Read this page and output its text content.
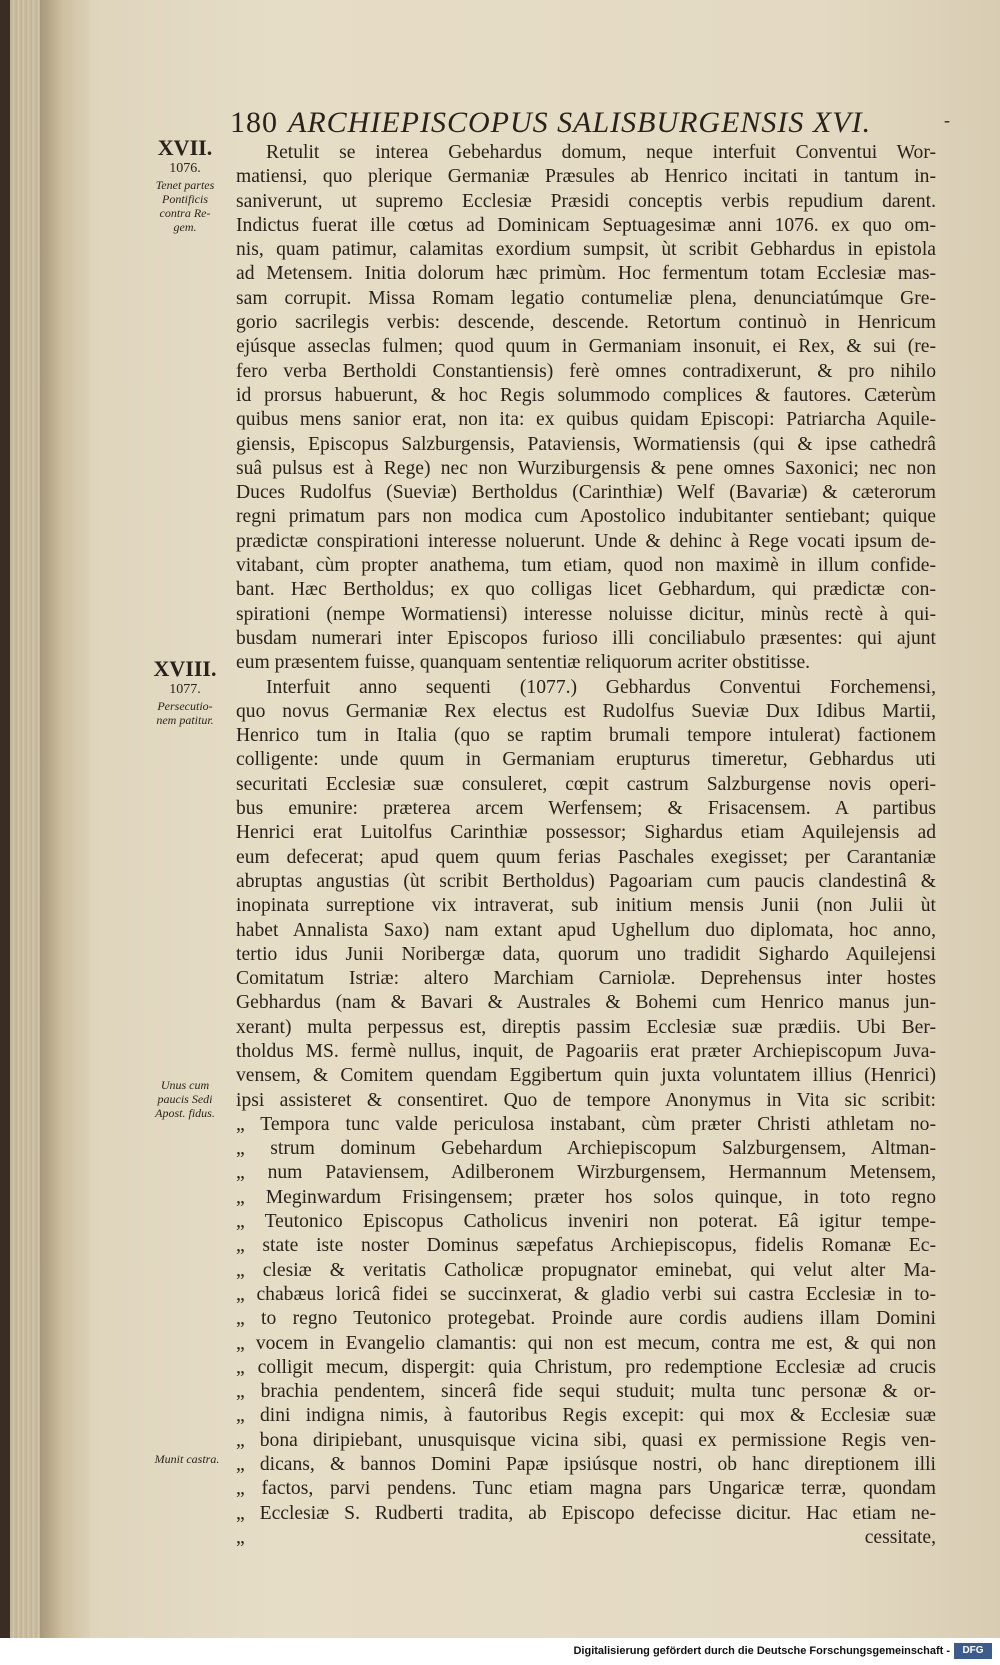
180 ARCHIEPISCOPUS SALISBURGENSIS XVI.	-
XVII.
1076.
Tenet partes
Pontificis
contra Re-
gem.
XVIII.
1077.
Persecutio-
nem patitur.
Unus cum
paucis Sedi
Apost. fidus.
Munit castra.
Retulit se interea Gebehardus domum, neque interfuit Conventui Wor-
matiensi, quo plerique Germaniæ Præsules ab Henrico incitati in tantum in-
saniverunt, ut supremo Ecclesiæ Præsidi conceptis verbis repudium darent.
Indictus fuerat ille cœtus ad Dominicam Septuagesimæ anni 1076. ex quo om-
nis, quam patimur, calamitas exordium sumpsit, ùt scribit Gebhardus in epistola
ad Metensem. Initia dolorum hæc primùm. Hoc fermentum totam Ecclesiæ mas-
sam corrupit. Missa Romam legatio contumeliæ plena, denunciatúmque Gre-
gorio sacrilegis verbis: descende, descende. Retortum continuò in Henricum
ejúsque asseclas fulmen; quod quum in Germaniam insonuit, ei Rex, & sui (re-
fero verba Bertholdi Constantiensis) ferè omnes contradixerunt, & pro nihilo
id prorsus habuerunt, & hoc Regis solummodo complices & fautores. Cæterùm
quibus mens sanior erat, non ita: ex quibus quidam Episcopi: Patriarcha Aquile-
giensis, Episcopus Salzburgensis, Pataviensis, Wormatiensis (qui & ipse cathedrâ
suâ pulsus est à Rege) nec non Wurziburgensis & pene omnes Saxonici; nec non
Duces Rudolfus (Sueviæ) Bertholdus (Carinthiæ) Welf (Bavariæ) & cæterorum
regni primatum pars non modica cum Apostolico indubitanter sentiebant; quique
prædictæ conspirationi interesse noluerunt. Unde & dehinc à Rege vocati ipsum de-
vitabant, cùm propter anathema, tum etiam, quod non maximè in illum confide-
bant. Hæc Bertholdus; ex quo colligas licet Gebhardum, qui prædictæ con-
spirationi (nempe Wormatiensi) interesse noluisse dicitur, minùs rectè à qui-
busdam numerari inter Episcopos furioso illi conciliabulo præsentes: qui ajunt
eum præsentem fuisse, quanquam sententiæ reliquorum acriter obstitisse.
Interfuit anno sequenti (1077.) Gebhardus Conventui Forchemensi,
quo novus Germaniæ Rex electus est Rudolfus Sueviæ Dux Idibus Martii,
Henrico tum in Italia (quo se raptim brumali tempore intulerat) factionem
colligente: unde quum in Germaniam erupturus timeretur, Gebhardus uti
securitati Ecclesiæ suæ consuleret, cœpit castrum Salzburgense novis operi-
bus emunire: præterea arcem Werfensem; & Frisacensem. A partibus
Henrici erat Luitolfus Carinthiæ possessor; Sighardus etiam Aquilejensis ad
eum defecerat; apud quem quum ferias Paschales exegisset; per Carantaniæ
abruptas angustias (ùt scribit Bertholdus) Pagoariam cum paucis clandestinâ &
inopinata surreptione vix intraverat, sub initium mensis Junii (non Julii ùt
habet Annalista Saxo) nam extant apud Ughellum duo diplomata, hoc anno,
tertio idus Junii Noribergæ data, quorum uno tradidit Sighardo Aquilejensi
Comitatum Istriæ: altero Marchiam Carniolæ. Deprehensus inter hostes
Gebhardus (nam & Bavari & Australes & Bohemi cum Henrico manus jun-
xerant) multa perpessus est, direptis passim Ecclesiæ suæ prædiis. Ubi Ber-
tholdus MS. fermè nullus, inquit, de Pagoariis erat præter Archiepiscopum Juva-
vensem, & Comitem quendam Eggibertum quin juxta voluntatem illius (Henrici)
ipsi assisteret & consentiret. Quo de tempore Anonymus in Vita sic scribit:
„ Tempora tunc valde periculosa instabant, cùm præter Christi athletam no-
„ strum dominum Gebehardum Archiepiscopum Salzburgensem, Altman-
„ num Pataviensem, Adilberonem Wirzburgensem, Hermannum Metensem,
„ Meginwardum Frisingensem; præter hos solos quinque, in toto regno
„ Teutonico Episcopus Catholicus inveniri non poterat. Eâ igitur tempe-
„ state iste noster Dominus sæpefatus Archiepiscopus, fidelis Romanæ Ec-
„ clesiæ & veritatis Catholicæ propugnator eminebat, qui velut alter Ma-
„ chabæus loricâ fidei se succinxerat, & gladio verbi sui castra Ecclesiæ in to-
„ to regno Teutonico protegebat. Proinde aure cordis audiens illam Domini
„ vocem in Evangelio clamantis: qui non est mecum, contra me est, & qui non
„ colligit mecum, dispergit: quia Christum, pro redemptione Ecclesiæ ad crucis
„ brachia pendentem, sincerâ fide sequi studuit; multa tunc personæ & or-
„ dini indigna nimis, à fautoribus Regis excepit: qui mox & Ecclesiæ suæ
„ bona diripiebant, unusquisque vicina sibi, quasi ex permissione Regis ven-
„ dicans, & bannos Domini Papæ ipsiúsque nostri, ob hanc direptionem illi
„ factos, parvi pendens. Tunc etiam magna pars Ungaricæ terræ, quondam
„ Ecclesiæ S. Rudberti tradita, ab Episcopo defecisse dicitur. Hac etiam ne-
„ cessitate,
Digitalisierung gefördert durch die Deutsche Forschungsgemeinschaft -	DFG
